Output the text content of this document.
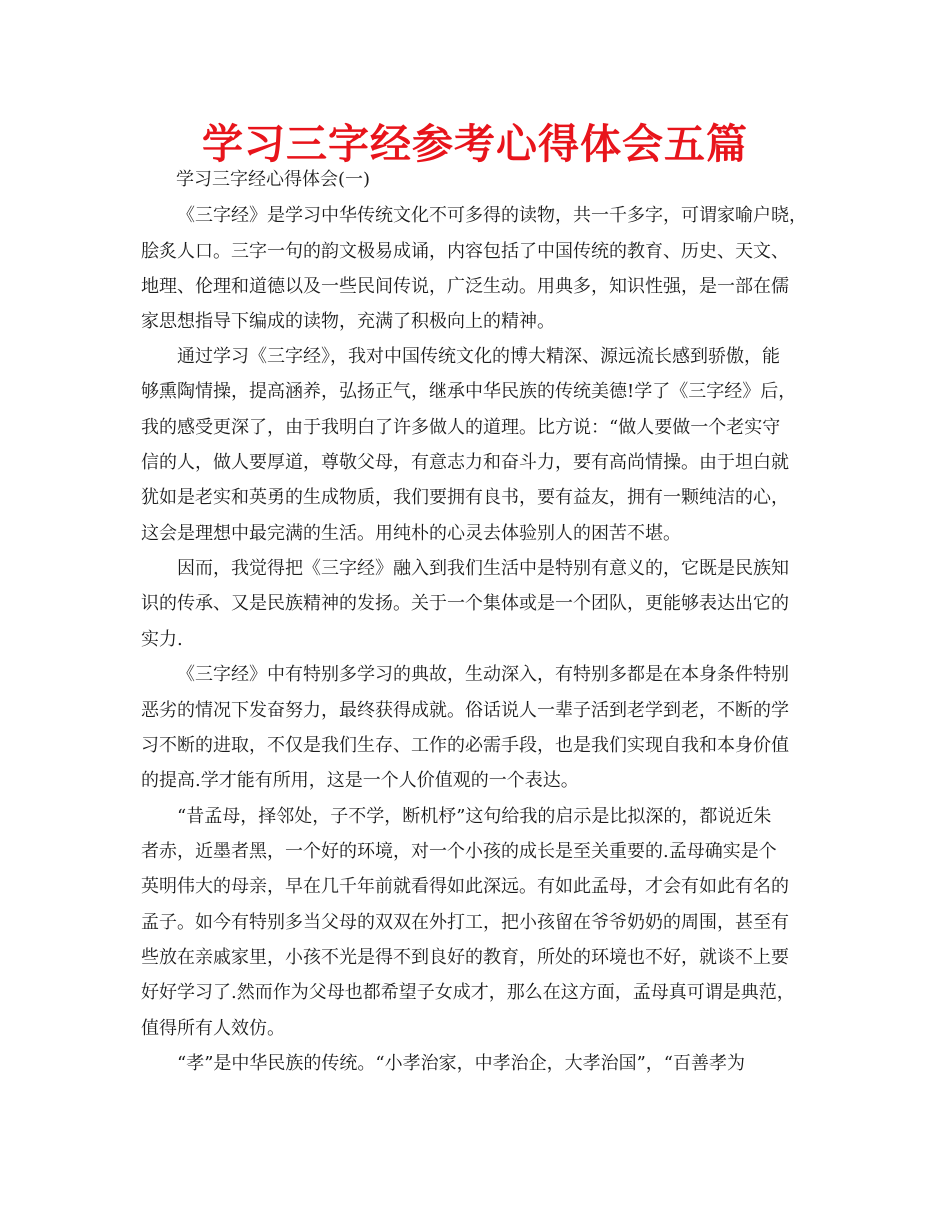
学习三字经参考心得体会五篇
学习三字经心得体会(一)
《三字经》是学习中华传统文化不可多得的读物，共一千多字，可谓家喻户晓，
脍炙人口。三字一句的韵文极易成诵，内容包括了中国传统的教育、历史、天文、
地理、伦理和道德以及一些民间传说，广泛生动。用典多，知识性强，是一部在儒
家思想指导下编成的读物，充满了积极向上的精神。
通过学习《三字经》，我对中国传统文化的博大精深、源远流长感到骄傲，能
够熏陶情操，提高涵养，弘扬正气，继承中华民族的传统美德!学了《三字经》后，
我的感受更深了，由于我明白了许多做人的道理。比方说：“做人要做一个老实守
信的人，做人要厚道，尊敬父母，有意志力和奋斗力，要有高尚情操。由于坦白就
犹如是老实和英勇的生成物质，我们要拥有良书，要有益友，拥有一颗纯洁的心，
这会是理想中最完满的生活。用纯朴的心灵去体验别人的困苦不堪。
因而，我觉得把《三字经》融入到我们生活中是特别有意义的，它既是民族知
识的传承、又是民族精神的发扬。关于一个集体或是一个团队，更能够表达出它的
实力.
《三字经》中有特别多学习的典故，生动深入，有特别多都是在本身条件特别
恶劣的情况下发奋努力，最终获得成就。俗话说人一辈子活到老学到老，不断的学
习不断的进取，不仅是我们生存、工作的必需手段，也是我们实现自我和本身价值
的提高.学才能有所用，这是一个人价值观的一个表达。
“昔孟母，择邻处，子不学，断机杼”这句给我的启示是比拟深的，都说近朱
者赤，近墨者黑，一个好的环境，对一个小孩的成长是至关重要的.孟母确实是个
英明伟大的母亲，早在几千年前就看得如此深远。有如此孟母，才会有如此有名的
孟子。如今有特别多当父母的双双在外打工，把小孩留在爷爷奶奶的周围，甚至有
些放在亲戚家里，小孩不光是得不到良好的教育，所处的环境也不好，就谈不上要
好好学习了.然而作为父母也都希望子女成才，那么在这方面，孟母真可谓是典范，
值得所有人效仿。
“孝”是中华民族的传统。“小孝治家，中孝治企，大孝治国”，“百善孝为
